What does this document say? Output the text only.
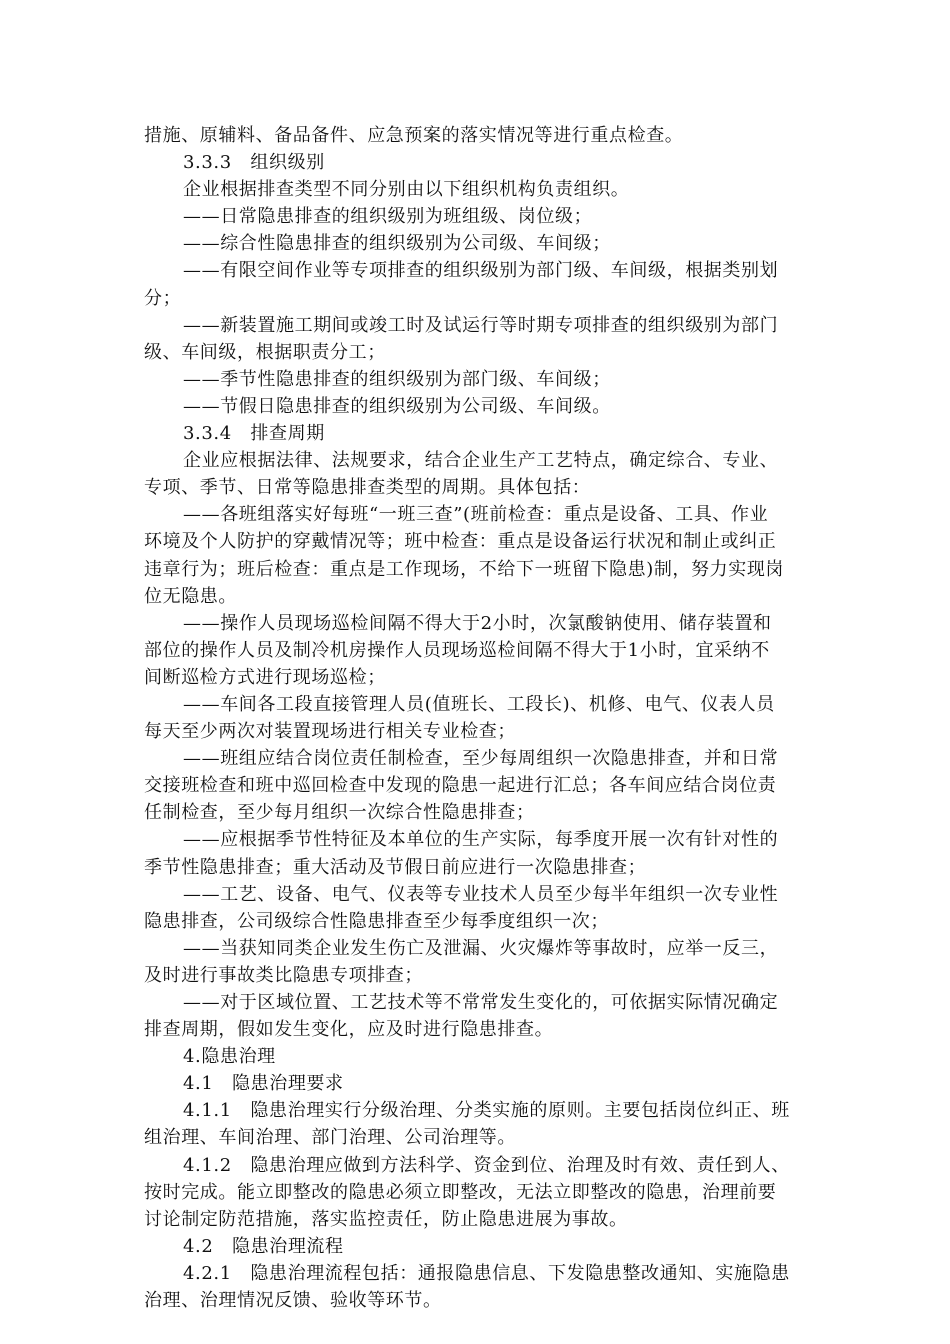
措施、原辅料、备品备件、应急预案的落实情况等进行重点检查。
3.3.3　组织级别
企业根据排查类型不同分别由以下组织机构负责组织。
——日常隐患排查的组织级别为班组级、岗位级；
——综合性隐患排查的组织级别为公司级、车间级；
——有限空间作业等专项排查的组织级别为部门级、车间级，根据类别划
分；
——新装置施工期间或竣工时及试运行等时期专项排查的组织级别为部门
级、车间级，根据职责分工；
——季节性隐患排查的组织级别为部门级、车间级；
——节假日隐患排查的组织级别为公司级、车间级。
3.3.4　排查周期
企业应根据法律、法规要求，结合企业生产工艺特点，确定综合、专业、
专项、季节、日常等隐患排查类型的周期。具体包括：
——各班组落实好每班“一班三查”(班前检查：重点是设备、工具、作业
环境及个人防护的穿戴情况等；班中检查：重点是设备运行状况和制止或纠正
违章行为；班后检查：重点是工作现场，不给下一班留下隐患)制，努力实现岗
位无隐患。
——操作人员现场巡检间隔不得大于2小时，次氯酸钠使用、储存装置和
部位的操作人员及制冷机房操作人员现场巡检间隔不得大于1小时，宜采纳不
间断巡检方式进行现场巡检；
——车间各工段直接管理人员(值班长、工段长)、机修、电气、仪表人员
每天至少两次对装置现场进行相关专业检查；
——班组应结合岗位责任制检查，至少每周组织一次隐患排查，并和日常
交接班检查和班中巡回检查中发现的隐患一起进行汇总；各车间应结合岗位责
任制检查，至少每月组织一次综合性隐患排查；
——应根据季节性特征及本单位的生产实际，每季度开展一次有针对性的
季节性隐患排查；重大活动及节假日前应进行一次隐患排查；
——工艺、设备、电气、仪表等专业技术人员至少每半年组织一次专业性
隐患排查，公司级综合性隐患排查至少每季度组织一次；
——当获知同类企业发生伤亡及泄漏、火灾爆炸等事故时，应举一反三，
及时进行事故类比隐患专项排查；
——对于区域位置、工艺技术等不常常发生变化的，可依据实际情况确定
排查周期，假如发生变化，应及时进行隐患排查。
4.隐患治理
4.1　隐患治理要求
4.1.1　隐患治理实行分级治理、分类实施的原则。主要包括岗位纠正、班
组治理、车间治理、部门治理、公司治理等。
4.1.2　隐患治理应做到方法科学、资金到位、治理及时有效、责任到人、
按时完成。能立即整改的隐患必须立即整改，无法立即整改的隐患，治理前要
讨论制定防范措施，落实监控责任，防止隐患进展为事故。
4.2　隐患治理流程
4.2.1　隐患治理流程包括：通报隐患信息、下发隐患整改通知、实施隐患
治理、治理情况反馈、验收等环节。
